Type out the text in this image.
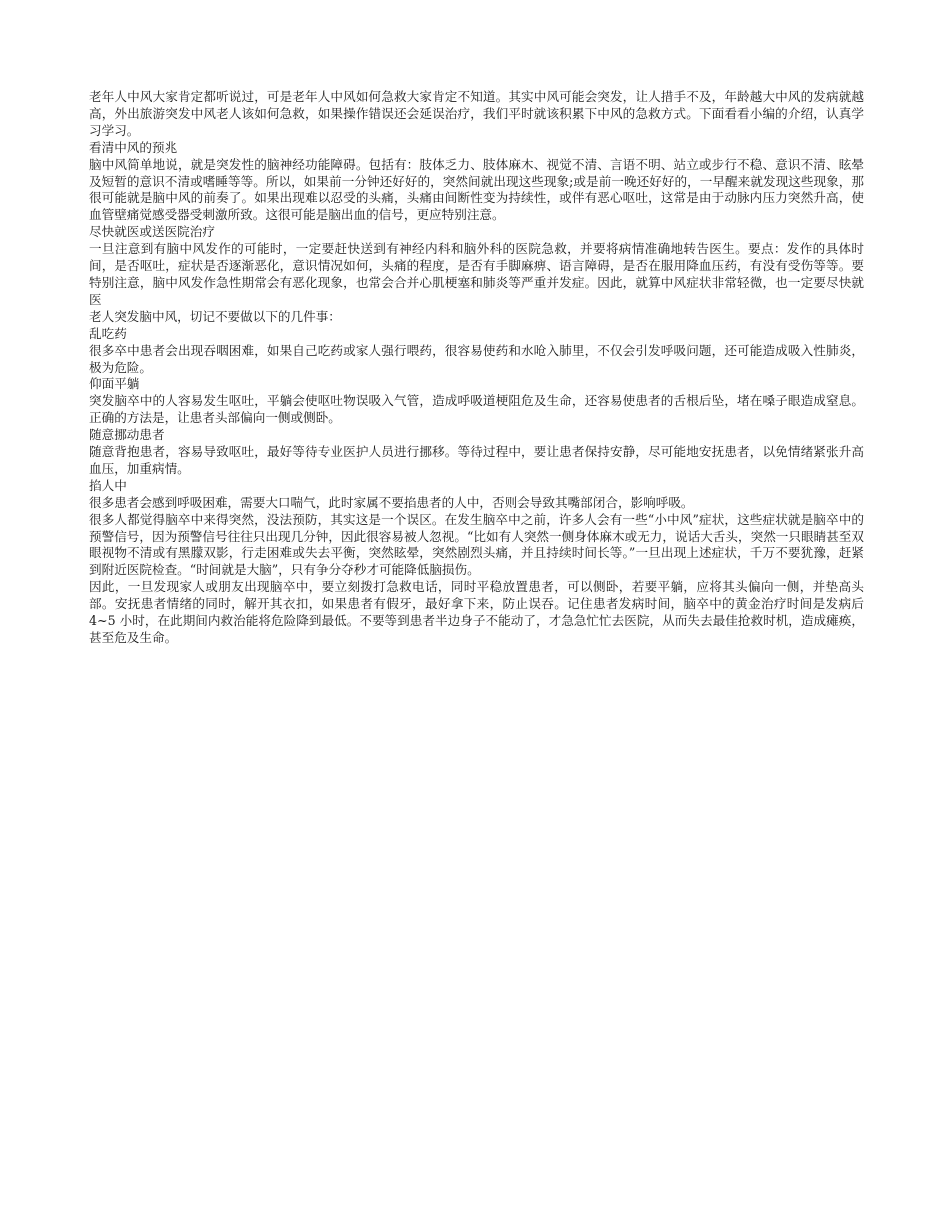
老年人中风大家肯定都听说过，可是老年人中风如何急救大家肯定不知道。其实中风可能会突发，让人措手不及，年龄越大中风的发病就越高，外出旅游突发中风老人该如何急救，如果操作错误还会延误治疗，我们平时就该积累下中风的急救方式。下面看看小编的介绍，认真学习学习。

看清中风的预兆

脑中风简单地说，就是突发性的脑神经功能障碍。包括有：肢体乏力、肢体麻木、视觉不清、言语不明、站立或步行不稳、意识不清、眩晕及短暂的意识不清或嗜睡等等。所以，如果前一分钟还好好的，突然间就出现这些现象;或是前一晚还好好的，一早醒来就发现这些现象，那很可能就是脑中风的前奏了。如果出现难以忍受的头痛，头痛由间断性变为持续性，或伴有恶心呕吐，这常是由于动脉内压力突然升高，使血管壁痛觉感受器受刺激所致。这很可能是脑出血的信号，更应特别注意。

尽快就医或送医院治疗

一旦注意到有脑中风发作的可能时，一定要赶快送到有神经内科和脑外科的医院急救，并要将病情准确地转告医生。要点：发作的具体时间，是否呕吐，症状是否逐渐恶化，意识情况如何，头痛的程度，是否有手脚麻痹、语言障碍，是否在服用降血压药，有没有受伤等等。要特别注意，脑中风发作急性期常会有恶化现象，也常会合并心肌梗塞和肺炎等严重并发症。因此，就算中风症状非常轻微，也一定要尽快就医

老人突发脑中风，切记不要做以下的几件事：

乱吃药

很多卒中患者会出现吞咽困难，如果自己吃药或家人强行喂药，很容易使药和水呛入肺里，不仅会引发呼吸问题，还可能造成吸入性肺炎，极为危险。

仰面平躺

突发脑卒中的人容易发生呕吐，平躺会使呕吐物误吸入气管，造成呼吸道梗阻危及生命，还容易使患者的舌根后坠，堵在嗓子眼造成窒息。正确的方法是，让患者头部偏向一侧或侧卧。

随意挪动患者

随意背抱患者，容易导致呕吐，最好等待专业医护人员进行挪移。等待过程中，要让患者保持安静，尽可能地安抚患者，以免情绪紧张升高血压，加重病情。

掐人中

很多患者会感到呼吸困难，需要大口喘气，此时家属不要掐患者的人中，否则会导致其嘴部闭合，影响呼吸。

很多人都觉得脑卒中来得突然，没法预防，其实这是一个误区。在发生脑卒中之前，许多人会有一些“小中风”症状，这些症状就是脑卒中的预警信号，因为预警信号往往只出现几分钟，因此很容易被人忽视。“比如有人突然一侧身体麻木或无力，说话大舌头，突然一只眼睛甚至双眼视物不清或有黑朦双影，行走困难或失去平衡，突然眩晕，突然剧烈头痛，并且持续时间长等。”一旦出现上述症状，千万不要犹豫，赶紧到附近医院检查。“时间就是大脑”，只有争分夺秒才可能降低脑损伤。

因此，一旦发现家人或朋友出现脑卒中，要立刻拨打急救电话，同时平稳放置患者，可以侧卧，若要平躺，应将其头偏向一侧，并垫高头部。安抚患者情绪的同时，解开其衣扣，如果患者有假牙，最好拿下来，防止误吞。记住患者发病时间，脑卒中的黄金治疗时间是发病后 4~5 小时，在此期间内救治能将危险降到最低。不要等到患者半边身子不能动了，才急急忙忙去医院，从而失去最佳抢救时机，造成瘫痪，甚至危及生命。
